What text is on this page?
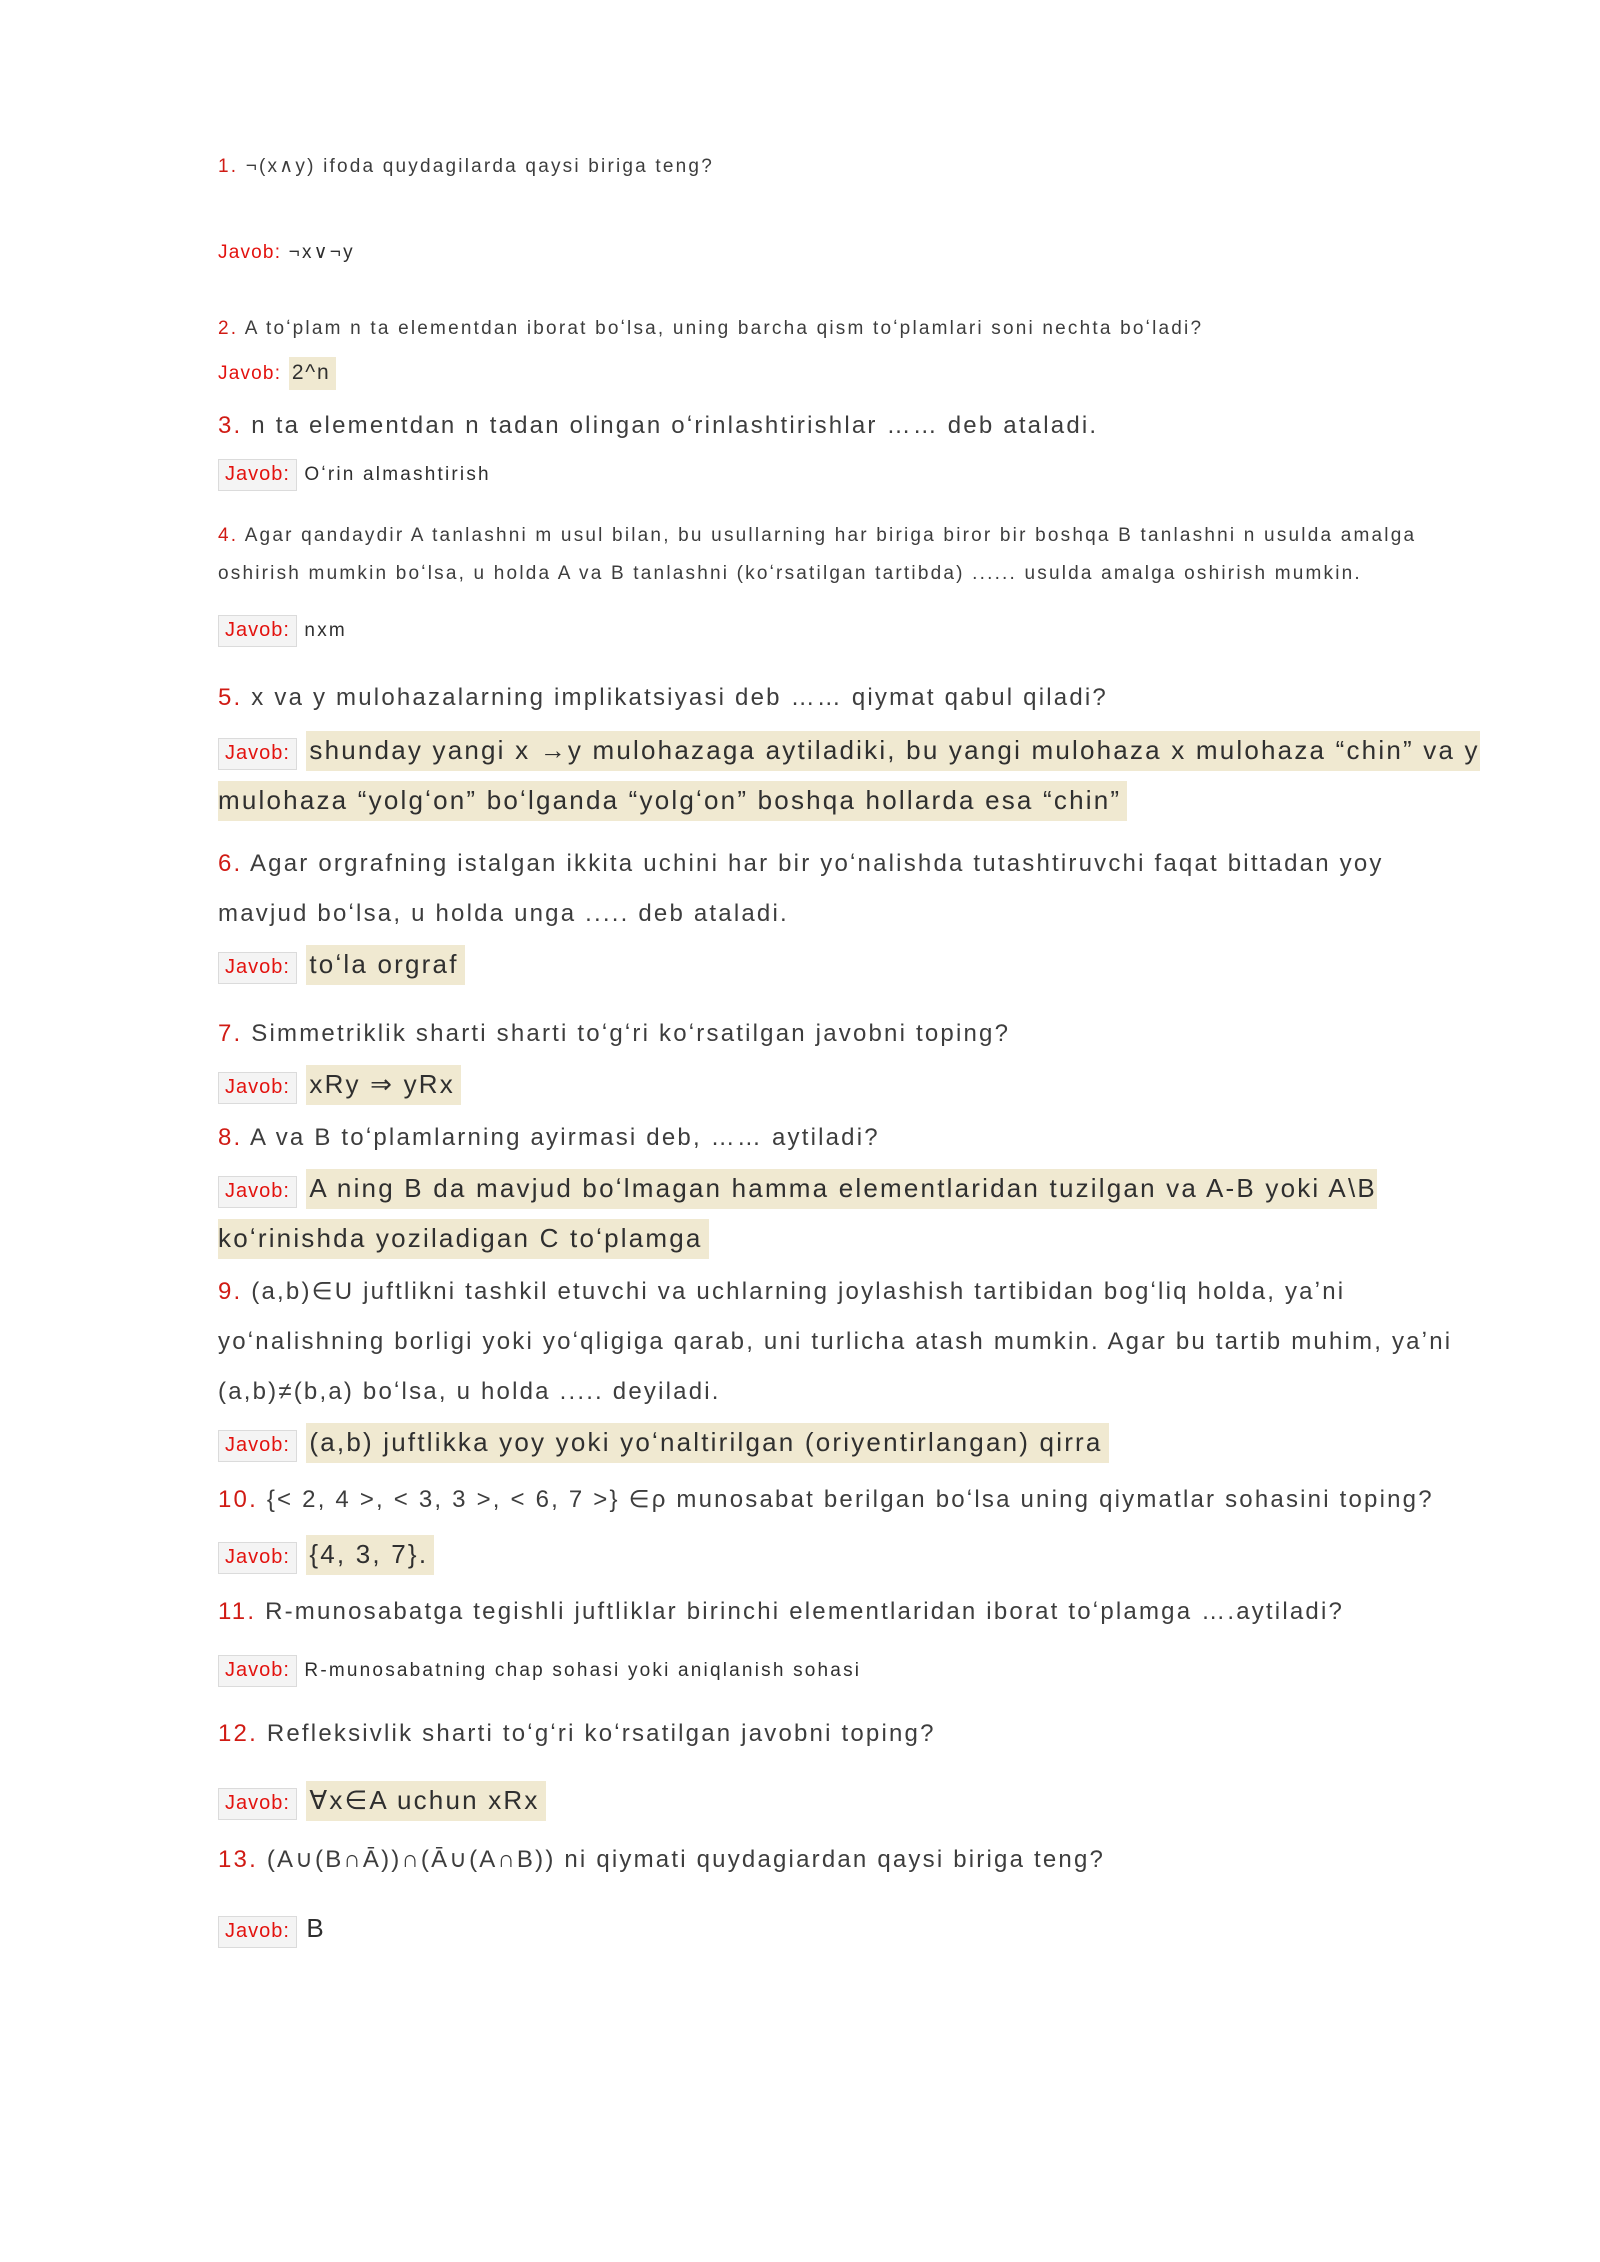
1. ¬(x∧y) ifoda quydagilarda qaysi biriga teng?

Javob: ¬x∨¬y

2. A toʻplam n ta elementdan iborat boʻlsa, uning barcha qism toʻplamlari soni nechta boʻladi?

Javob: 2^n

3. n ta elementdan n tadan olingan oʻrinlashtirishlar …… deb ataladi.

Javob: Oʻrin almashtirish

4. Agar qandaydir A tanlashni m usul bilan, bu usullarning har biriga biror bir boshqa B tanlashni n usulda amalga oshirish mumkin boʻlsa, u holda A va B tanlashni (koʻrsatilgan tartibda) ...... usulda amalga oshirish mumkin.

Javob: nxm

5. x va y mulohazalarning implikatsiyasi deb …… qiymat qabul qiladi?

Javob: shunday yangi x →y mulohazaga aytiladiki, bu yangi mulohaza x mulohaza “chin” va y mulohaza “yolgʻon” boʻlganda “yolgʻon” boshqa hollarda esa “chin”

6. Agar orgrafning istalgan ikkita uchini har bir yoʻnalishda tutashtiruvchi faqat bittadan yoy mavjud boʻlsa, u holda unga ..... deb ataladi.

Javob: toʻla orgraf

7. Simmetriklik sharti sharti toʻgʻri koʻrsatilgan javobni toping?

Javob: xRy ⇒ yRx

8. A va B toʻplamlarning ayirmasi deb, …… aytiladi?

Javob: A ning B da mavjud boʻlmagan hamma elementlaridan tuzilgan va A-B yoki A\B koʻrinishda yoziladigan C toʻplamga

9. (a,b)∈U juftlikni tashkil etuvchi va uchlarning joylashish tartibidan bogʻliq holda, yaʼni yoʻnalishning borligi yoki yoʻqligiga qarab, uni turlicha atash mumkin. Agar bu tartib muhim, yaʼni (a,b)≠(b,a) boʻlsa, u holda ..... deyiladi.

Javob: (a,b) juftlikka yoy yoki yoʻnaltirilgan (oriyentirlangan) qirra

10. {< 2, 4 >, < 3, 3 >, < 6, 7 >} ∈ρ munosabat berilgan boʻlsa uning qiymatlar sohasini toping?

Javob: {4, 3, 7}.

11. R-munosabatga tegishli juftliklar birinchi elementlaridan iborat toʻplamga ….aytiladi?

Javob: R-munosabatning chap sohasi yoki aniqlanish sohasi

12. Refleksivlik sharti toʻgʻri koʻrsatilgan javobni toping?

Javob: ∀x∈A uchun xRx

13. (A∪(B∩Ā))∩(Ā∪(A∩B)) ni qiymati quydagiardan qaysi biriga teng?

Javob: B
